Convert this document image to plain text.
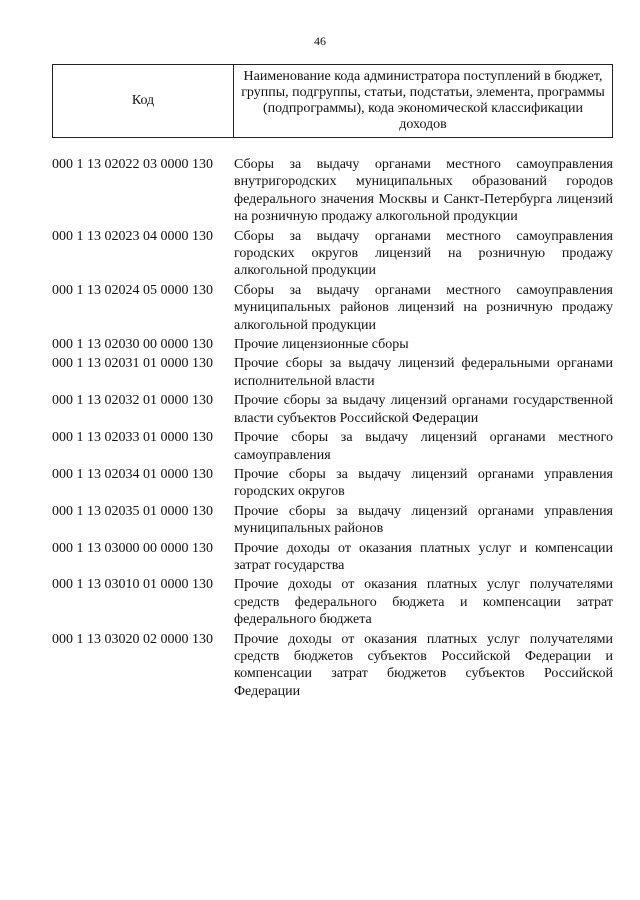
46
Код	Наименование кода администратора поступлений в бюджет, группы, подгруппы, статьи, подстатьи, элемента, программы (подпрограммы), кода экономической классификации доходов
000 1 13 02022 03 0000 130	Сборы за выдачу органами местного самоуправления внутригородских муниципальных образований городов федерального значения Москвы и Санкт-Петербурга лицензий на розничную продажу алкогольной продукции
000 1 13 02023 04 0000 130	Сборы за выдачу органами местного самоуправления городских округов лицензий на розничную продажу алкогольной продукции
000 1 13 02024 05 0000 130	Сборы за выдачу органами местного самоуправления муниципальных районов лицензий на розничную продажу алкогольной продукции
000 1 13 02030 00 0000 130	Прочие лицензионные сборы
000 1 13 02031 01 0000 130	Прочие сборы за выдачу лицензий федеральными органами исполнительной власти
000 1 13 02032 01 0000 130	Прочие сборы за выдачу лицензий органами государственной власти субъектов Российской Федерации
000 1 13 02033 01 0000 130	Прочие сборы за выдачу лицензий органами местного самоуправления
000 1 13 02034 01 0000 130	Прочие сборы за выдачу лицензий органами управления городских округов
000 1 13 02035 01 0000 130	Прочие сборы за выдачу лицензий органами управления муниципальных районов
000 1 13 03000 00 0000 130	Прочие доходы от оказания платных услуг и компенсации затрат государства
000 1 13 03010 01 0000 130	Прочие доходы от оказания платных услуг получателями средств федерального бюджета и компенсации затрат федерального бюджета
000 1 13 03020 02 0000 130	Прочие доходы от оказания платных услуг получателями средств бюджетов субъектов Российской Федерации и компенсации затрат бюджетов субъектов Российской Федерации
